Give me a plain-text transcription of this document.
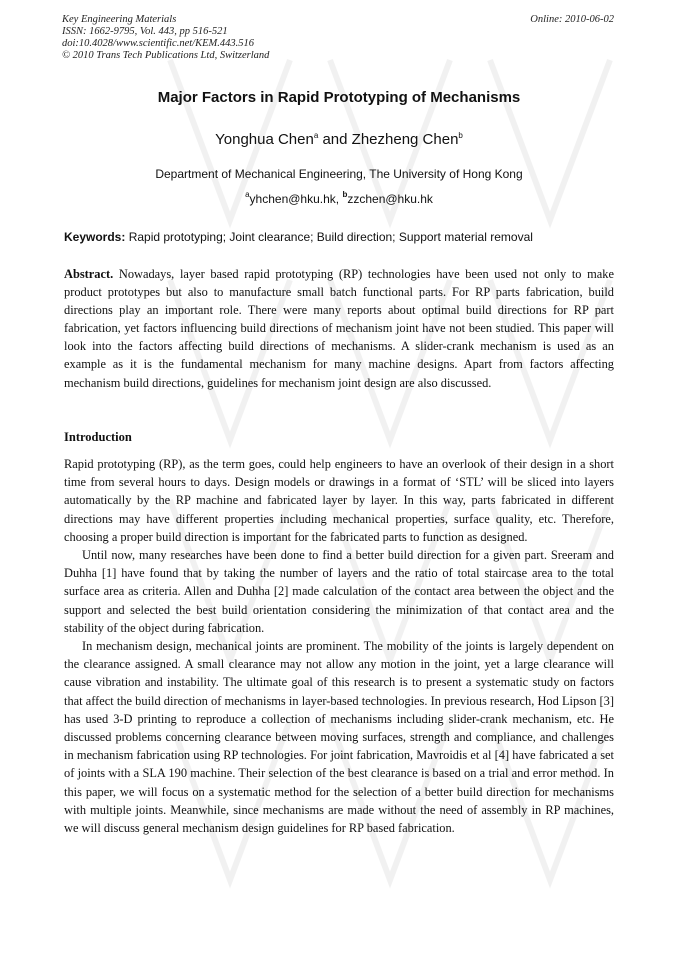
Key Engineering Materials
ISSN: 1662-9795, Vol. 443, pp 516-521
doi:10.4028/www.scientific.net/KEM.443.516
© 2010 Trans Tech Publications Ltd, Switzerland
Online: 2010-06-02
Major Factors in Rapid Prototyping of Mechanisms
Yonghua Chen$^a$ and Zhezheng Chen$^b$
Department of Mechanical Engineering, The University of Hong Kong
$^a$yhchen@hku.hk, $^b$zzchen@hku.hk
Keywords: Rapid prototyping; Joint clearance; Build direction; Support material removal
Abstract. Nowadays, layer based rapid prototyping (RP) technologies have been used not only to make product prototypes but also to manufacture small batch functional parts. For RP parts fabrication, build directions play an important role. There were many reports about optimal build directions for RP part fabrication, yet factors influencing build directions of mechanism joint have not been studied. This paper will look into the factors affecting build directions of mechanisms. A slider-crank mechanism is used as an example as it is the fundamental mechanism for many machine designs. Apart from factors affecting mechanism build directions, guidelines for mechanism joint design are also discussed.
Introduction

Rapid prototyping (RP), as the term goes, could help engineers to have an overlook of their design in a short time from several hours to days. Design models or drawings in a format of ‘STL’ will be sliced into layers automatically by the RP machine and fabricated layer by layer. In this way, parts fabricated in different directions may have different properties including mechanical properties, surface quality, etc. Therefore, choosing a proper build direction is important for the fabricated parts to function as designed.

Until now, many researches have been done to find a better build direction for a given part. Sreeram and Duhha [1] have found that by taking the number of layers and the ratio of total staircase area to the total surface area as criteria. Allen and Duhha [2] made calculation of the contact area between the object and the support and selected the best build orientation considering the minimization of that contact area and the stability of the object during fabrication.

In mechanism design, mechanical joints are prominent. The mobility of the joints is largely dependent on the clearance assigned. A small clearance may not allow any motion in the joint, yet a large clearance will cause vibration and instability. The ultimate goal of this research is to present a systematic study on factors that affect the build direction of mechanisms in layer-based technologies. In previous research, Hod Lipson [3] has used 3-D printing to reproduce a collection of mechanisms including slider-crank mechanism, etc. He discussed problems concerning clearance between moving surfaces, strength and compliance, and challenges in mechanism fabrication using RP technologies. For joint fabrication, Mavroidis et al [4] have fabricated a set of joints with a SLA 190 machine. Their selection of the best clearance is based on a trial and error method. In this paper, we will focus on a systematic method for the selection of a better build direction for mechanisms with multiple joints. Meanwhile, since mechanisms are made without the need of assembly in RP machines, we will discuss general mechanism design guidelines for RP based fabrication.
